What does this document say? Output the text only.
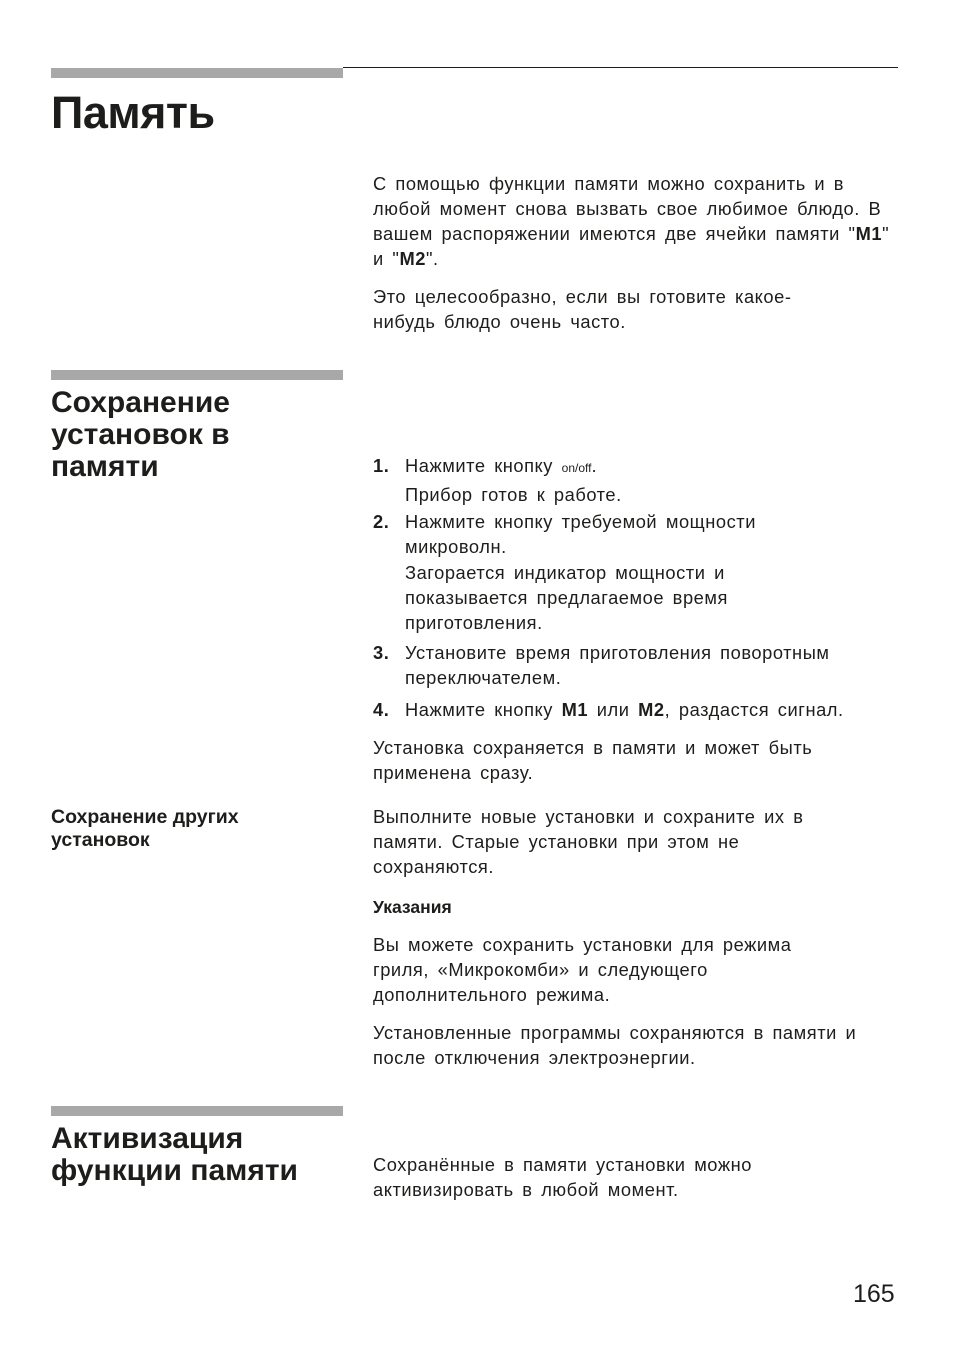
Память

С помощью функции памяти можно сохранить и в любой момент снова вызвать свое любимое блюдо. В вашем распоряжении имеются две ячейки памяти "M1" и "M2".

Это целесообразно, если вы готовите какое-нибудь блюдо очень часто.

Сохранение установок в памяти	1. Нажмите кнопку on/off.
Прибор готов к работе.
2. Нажмите кнопку требуемой мощности микроволн.
Загорается индикатор мощности и показывается предлагаемое время приготовления.
3. Установите время приготовления поворотным переключателем.
4. Нажмите кнопку M1 или M2, раздастся сигнал.

Установка сохраняется в памяти и может быть применена сразу.

Сохранение других установок

Выполните новые установки и сохраните их в памяти. Старые установки при этом не сохраняются.

Указания

Вы можете сохранить установки для режима гриля, «Микрокомби» и следующего дополнительного режима.

Установленные программы сохраняются в памяти и после отключения электроэнергии.

Активизация функции памяти	Сохранённые в памяти установки можно активизировать в любой момент.

165
